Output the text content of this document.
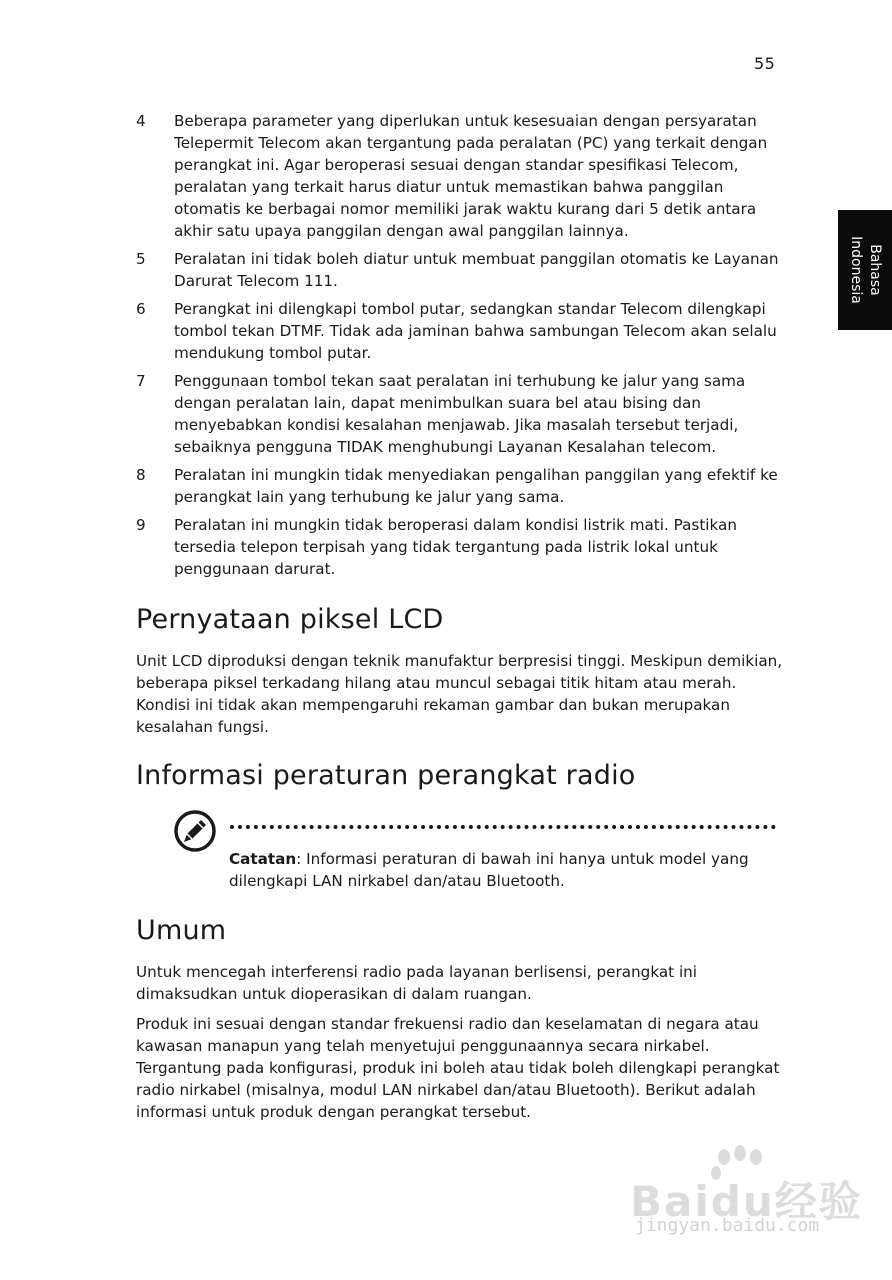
55
Bahasa
Indonesia
4	Beberapa parameter yang diperlukan untuk kesesuaian dengan persyaratan Telepermit Telecom akan tergantung pada peralatan (PC) yang terkait dengan perangkat ini. Agar beroperasi sesuai dengan standar spesifikasi Telecom, peralatan yang terkait harus diatur untuk memastikan bahwa panggilan otomatis ke berbagai nomor memiliki jarak waktu kurang dari 5 detik antara akhir satu upaya panggilan dengan awal panggilan lainnya.
5	Peralatan ini tidak boleh diatur untuk membuat panggilan otomatis ke Layanan Darurat Telecom 111.
6	Perangkat ini dilengkapi tombol putar, sedangkan standar Telecom dilengkapi tombol tekan DTMF. Tidak ada jaminan bahwa sambungan Telecom akan selalu mendukung tombol putar.
7	Penggunaan tombol tekan saat peralatan ini terhubung ke jalur yang sama dengan peralatan lain, dapat menimbulkan suara bel atau bising dan menyebabkan kondisi kesalahan menjawab. Jika masalah tersebut terjadi, sebaiknya pengguna TIDAK menghubungi Layanan Kesalahan telecom.
8	Peralatan ini mungkin tidak menyediakan pengalihan panggilan yang efektif ke perangkat lain yang terhubung ke jalur yang sama.
9	Peralatan ini mungkin tidak beroperasi dalam kondisi listrik mati. Pastikan tersedia telepon terpisah yang tidak tergantung pada listrik lokal untuk penggunaan darurat.
Pernyataan piksel LCD

Unit LCD diproduksi dengan teknik manufaktur berpresisi tinggi. Meskipun demikian, beberapa piksel terkadang hilang atau muncul sebagai titik hitam atau merah. Kondisi ini tidak akan mempengaruhi rekaman gambar dan bukan merupakan kesalahan fungsi.

Informasi peraturan perangkat radio

Catatan: Informasi peraturan di bawah ini hanya untuk model yang dilengkapi LAN nirkabel dan/atau Bluetooth.

Umum

Untuk mencegah interferensi radio pada layanan berlisensi, perangkat ini dimaksudkan untuk dioperasikan di dalam ruangan.

Produk ini sesuai dengan standar frekuensi radio dan keselamatan di negara atau kawasan manapun yang telah menyetujui penggunaannya secara nirkabel. Tergantung pada konfigurasi, produk ini boleh atau tidak boleh dilengkapi perangkat radio nirkabel (misalnya, modul LAN nirkabel dan/atau Bluetooth). Berikut adalah informasi untuk produk dengan perangkat tersebut.

Baidu经验
jingyan.baidu.com
